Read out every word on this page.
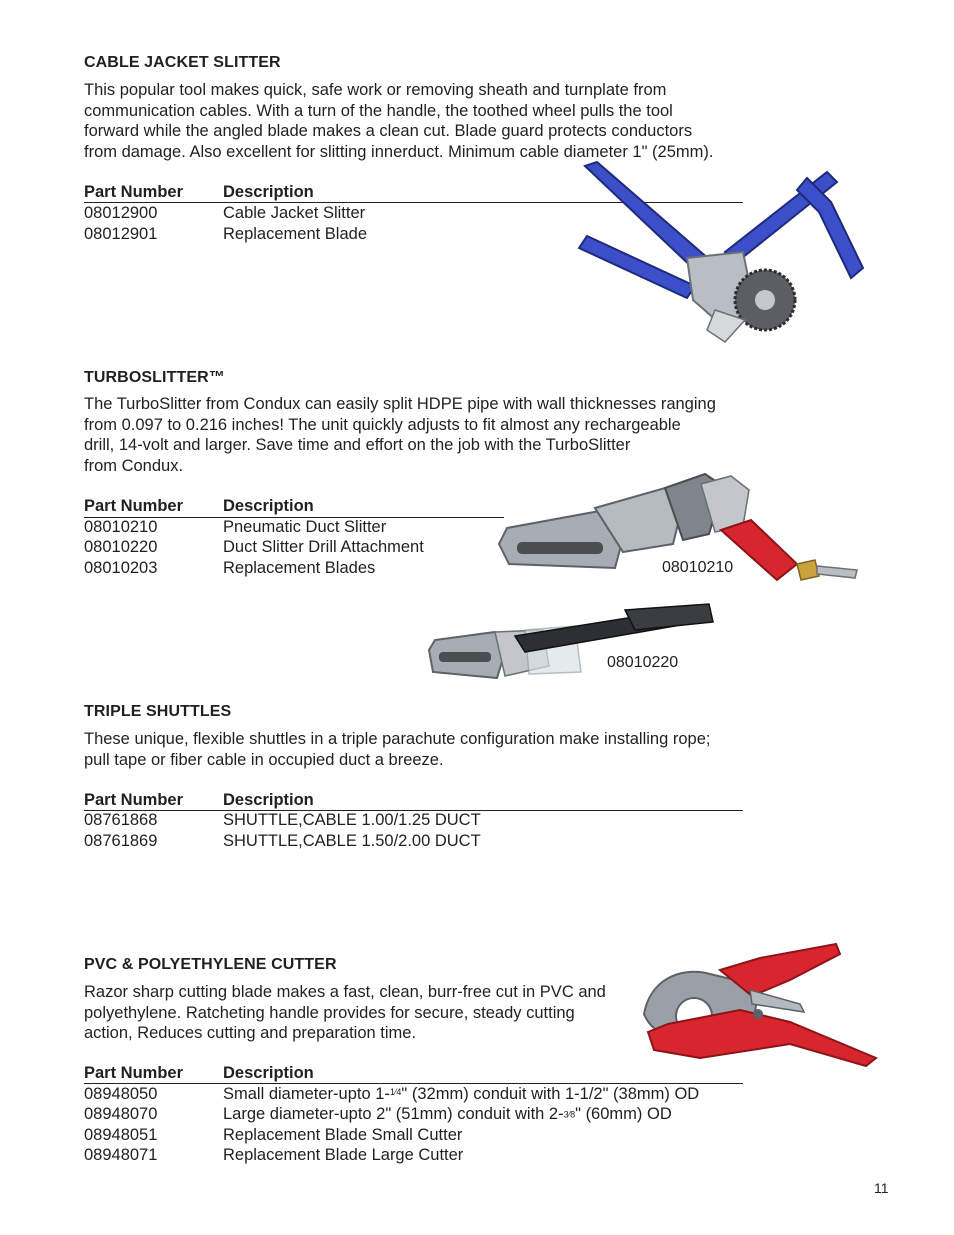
CABLE JACKET SLITTER

This popular tool makes quick, safe work or removing sheath and turnplate from

communication cables. With a turn of the handle, the toothed wheel pulls the tool

forward while the angled blade makes a clean cut. Blade guard protects conductors

from damage. Also excellent for slitting innerduct. Minimum cable diameter 1" (25mm).

Part Number Description
08012900	Cable Jacket Slitter
08012901	Replacement Blade
TURBOSLITTER™

The TurboSlitter from Condux can easily split HDPE pipe with wall thicknesses ranging

from 0.097 to 0.216 inches! The unit quickly adjusts to fit almost any rechargeable

drill, 14-volt and larger. Save time and effort on the job with the TurboSlitter

from Condux.

Part Number Description
08010210	Pneumatic Duct Slitter
08010220	Duct Slitter Drill Attachment
08010203	Replacement Blades	08010210
08010220
TRIPLE SHUTTLES

These unique, flexible shuttles in a triple parachute configuration make installing rope;

pull tape or fiber cable in occupied duct a breeze.

Part Number Description
08761868	SHUTTLE,CABLE 1.00/1.25 DUCT
08761869	SHUTTLE,CABLE 1.50/2.00 DUCT
PVC & POLYETHYLENE CUTTER

Razor sharp cutting blade makes a fast, clean, burr-free cut in PVC and

polyethylene. Ratcheting handle provides for secure, steady cutting

action, Reduces cutting and preparation time.

Part Number Description
08948050	Small diameter-upto 1-$^{1⁄4}$" (32mm) conduit with 1-1/2" (38mm) OD
08948070	Large diameter-upto 2" (51mm) conduit with 2-3⁄8" (60mm) OD
08948051	Replacement Blade Small Cutter
08948071	Replacement Blade Large Cutter
11
